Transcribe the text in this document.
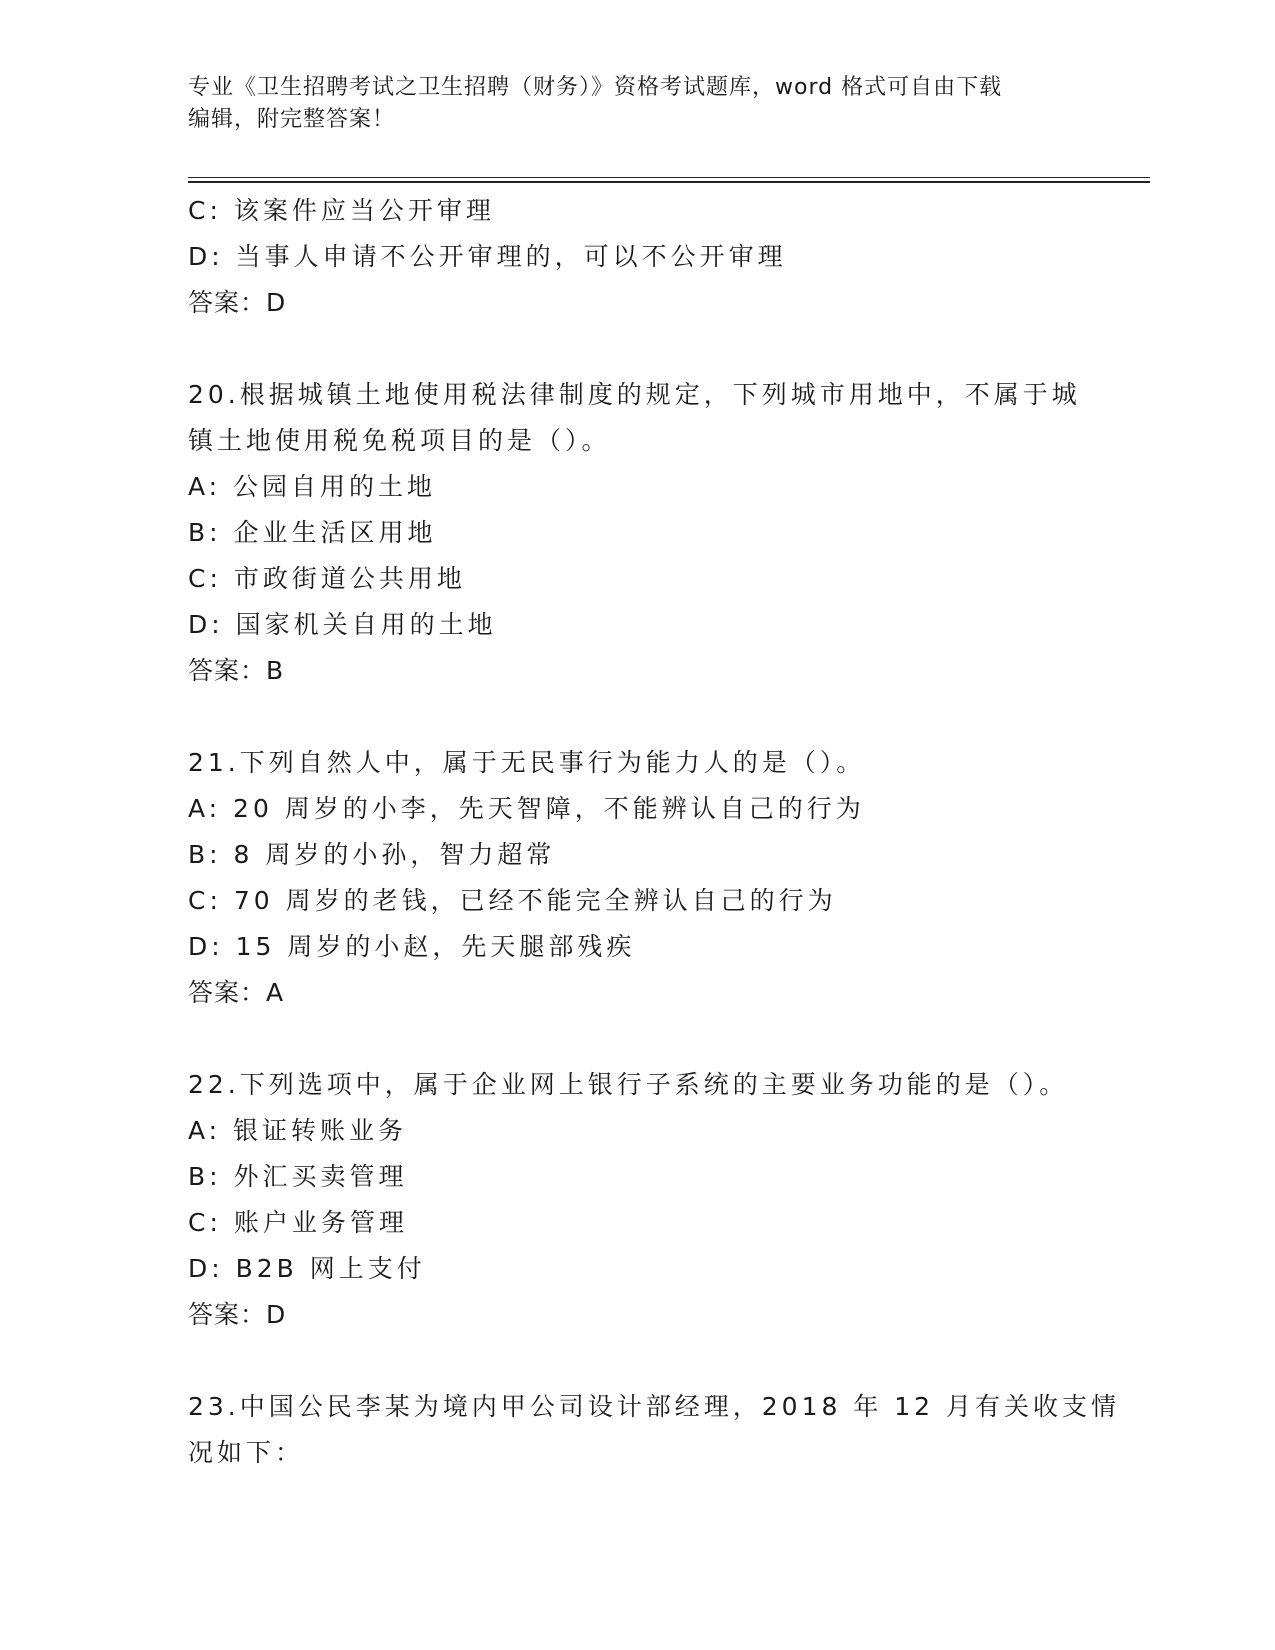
专业《卫生招聘考试之卫生招聘（财务）》资格考试题库，word 格式可自由下载

编辑，附完整答案！

C: 该案件应当公开审理
D: 当事人申请不公开审理的，可以不公开审理
答案：D
20.根据城镇土地使用税法律制度的规定，下列城市用地中，不属于城
镇土地使用税免税项目的是（）。
A: 公园自用的土地
B: 企业生活区用地
C: 市政街道公共用地
D: 国家机关自用的土地
答案：B
21.下列自然人中，属于无民事行为能力人的是（）。
A: 20 周岁的小李，先天智障，不能辨认自己的行为
B: 8 周岁的小孙，智力超常
C: 70 周岁的老钱，已经不能完全辨认自己的行为
D: 15 周岁的小赵，先天腿部残疾
答案：A
22.下列选项中，属于企业网上银行子系统的主要业务功能的是（）。
A: 银证转账业务
B: 外汇买卖管理
C: 账户业务管理
D: B2B 网上支付
答案：D
23.中国公民李某为境内甲公司设计部经理，2018 年 12 月有关收支情
况如下：
